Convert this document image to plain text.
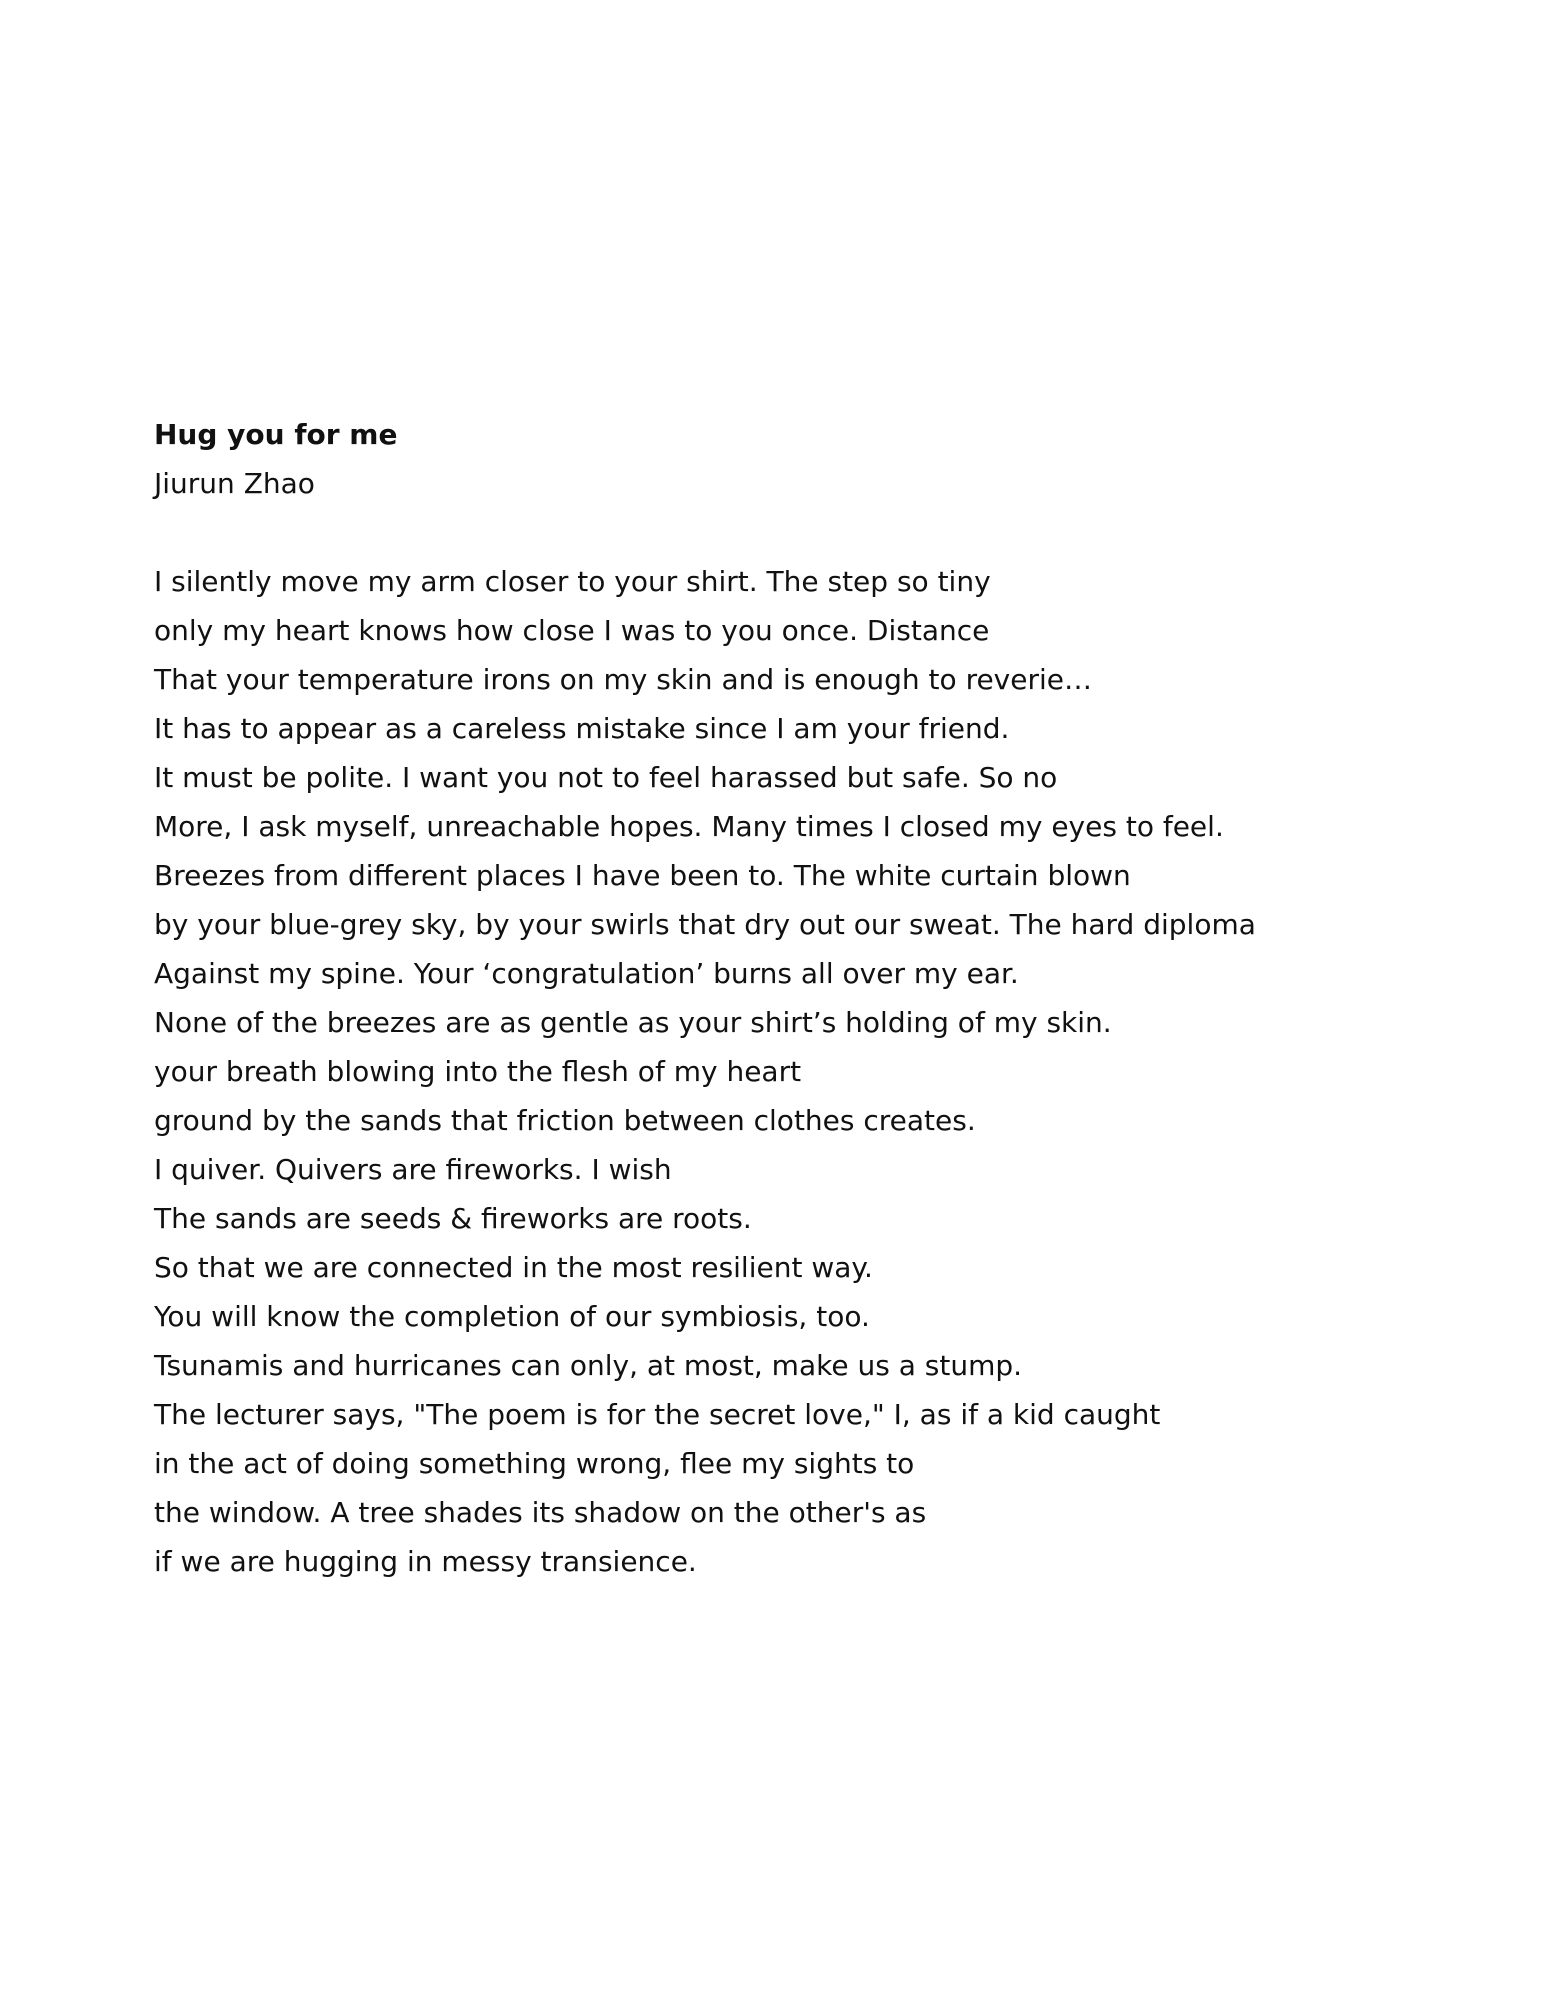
Hug you for me
Jiurun Zhao
I silently move my arm closer to your shirt. The step so tiny
only my heart knows how close I was to you once. Distance
That your temperature irons on my skin and is enough to reverie…
It has to appear as a careless mistake since I am your friend.
It must be polite. I want you not to feel harassed but safe. So no
More, I ask myself, unreachable hopes. Many times I closed my eyes to feel.
Breezes from different places I have been to. The white curtain blown
by your blue-grey sky, by your swirls that dry out our sweat. The hard diploma
Against my spine. Your ‘congratulation’ burns all over my ear.
None of the breezes are as gentle as your shirt’s holding of my skin.
your breath blowing into the flesh of my heart
ground by the sands that friction between clothes creates.
I quiver. Quivers are fireworks. I wish
The sands are seeds & fireworks are roots.
So that we are connected in the most resilient way.
You will know the completion of our symbiosis, too.
Tsunamis and hurricanes can only, at most, make us a stump.
The lecturer says, "The poem is for the secret love," I, as if a kid caught
in the act of doing something wrong, flee my sights to
the window. A tree shades its shadow on the other's as
if we are hugging in messy transience.
